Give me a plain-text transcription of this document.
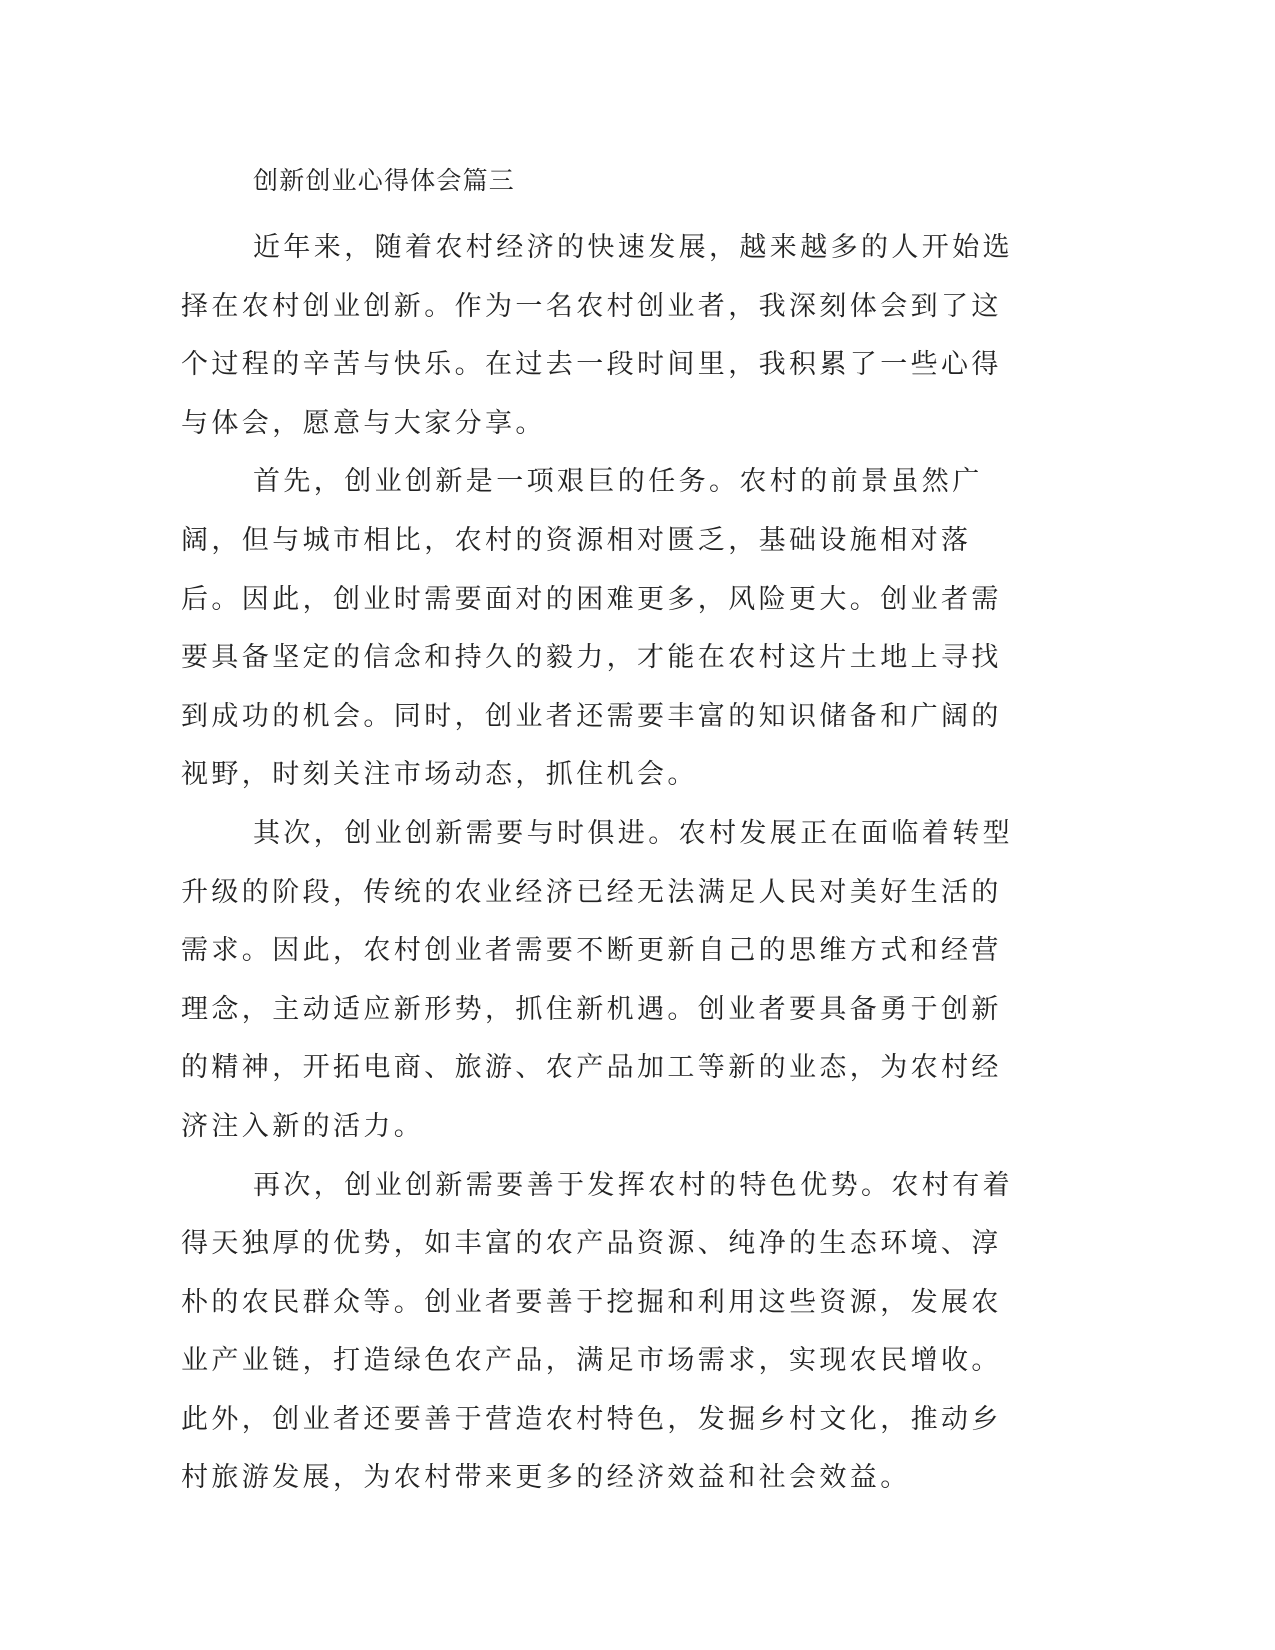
创新创业心得体会篇三

近年来，随着农村经济的快速发展，越来越多的人开始选择在农村创业创新。作为一名农村创业者，我深刻体会到了这个过程的辛苦与快乐。在过去一段时间里，我积累了一些心得与体会，愿意与大家分享。

首先，创业创新是一项艰巨的任务。农村的前景虽然广阔，但与城市相比，农村的资源相对匮乏，基础设施相对落后。因此，创业时需要面对的困难更多，风险更大。创业者需要具备坚定的信念和持久的毅力，才能在农村这片土地上寻找到成功的机会。同时，创业者还需要丰富的知识储备和广阔的视野，时刻关注市场动态，抓住机会。

其次，创业创新需要与时俱进。农村发展正在面临着转型升级的阶段，传统的农业经济已经无法满足人民对美好生活的需求。因此，农村创业者需要不断更新自己的思维方式和经营理念，主动适应新形势，抓住新机遇。创业者要具备勇于创新的精神，开拓电商、旅游、农产品加工等新的业态，为农村经济注入新的活力。

再次，创业创新需要善于发挥农村的特色优势。农村有着得天独厚的优势，如丰富的农产品资源、纯净的生态环境、淳朴的农民群众等。创业者要善于挖掘和利用这些资源，发展农业产业链，打造绿色农产品，满足市场需求，实现农民增收。此外，创业者还要善于营造农村特色，发掘乡村文化，推动乡村旅游发展，为农村带来更多的经济效益和社会效益。
